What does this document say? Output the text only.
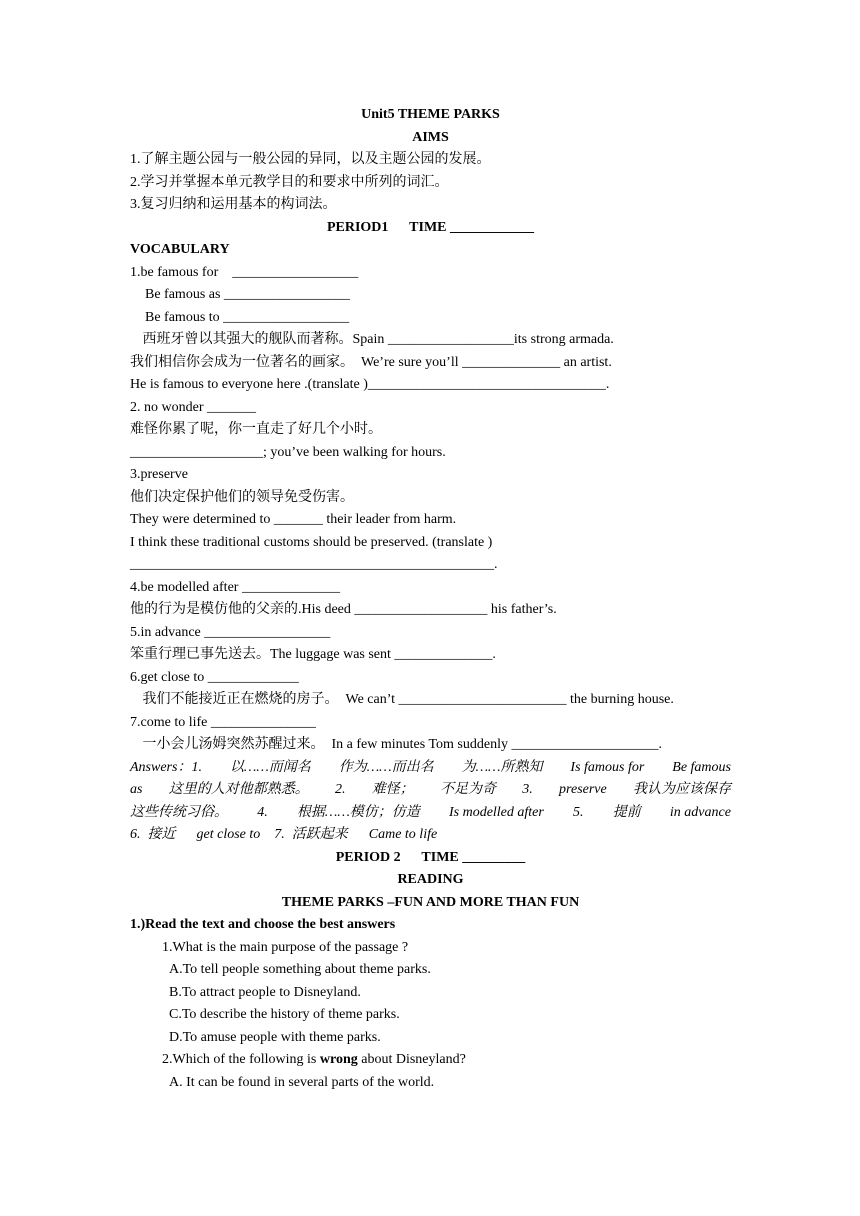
Unit5 THEME PARKS
AIMS
1.了解主题公园与一般公园的异同，以及主题公园的发展。
2.学习并掌握本单元教学目的和要求中所列的词汇。
3.复习归纳和运用基本的构词法。
PERIOD1      TIME ____________
VOCABULARY
1.be famous for    __________________
Be famous as __________________
Be famous to __________________
西班牙曾以其强大的舰队而著称。Spain __________________its strong armada.
我们相信你会成为一位著名的画家。  We’re sure you’ll ______________ an artist.
He is famous to everyone here .(translate )__________________________________.
2. no wonder _______
难怪你累了呢，你一直走了好几个小时。
___________________; you’ve been walking for hours.
3.preserve
他们决定保护他们的领导免受伤害。
They were determined to _______ their leader from harm.
I think these traditional customs should be preserved. (translate )
____________________________________________________.
4.be modelled after ______________
他的行为是模仿他的父亲的.His deed ___________________ his father’s.
5.in advance __________________
笨重行理已事先送去。The luggage was sent ______________.
6.get close to _____________
我们不能接近正在燃烧的房子。  We can’t ________________________ the burning house.
7.come to life _______________
一小会儿汤姆突然苏醒过来。  In a few minutes Tom suddenly _____________________.
Answers：1. 以……而闻名 作为……而出名 为……所熟知 Is famous for Be famous
as 这里的人对他都熟悉。 2. 难怪； 不足为奇 3. preserve 我认为应该保存
这些传统习俗。 4. 根据……模仿；仿造 Is modelled after 5. 提前 in advance
6.  接近      get close to    7.  活跃起来      Came to life
PERIOD 2      TIME _________
READING
THEME PARKS –FUN AND MORE THAN FUN
1.)Read the text and choose the best answers
1.What is the main purpose of the passage ?
A.To tell people something about theme parks.
B.To attract people to Disneyland.
C.To describe the history of theme parks.
D.To amuse people with theme parks.
2.Which of the following is wrong about Disneyland?
A. It can be found in several parts of the world.
